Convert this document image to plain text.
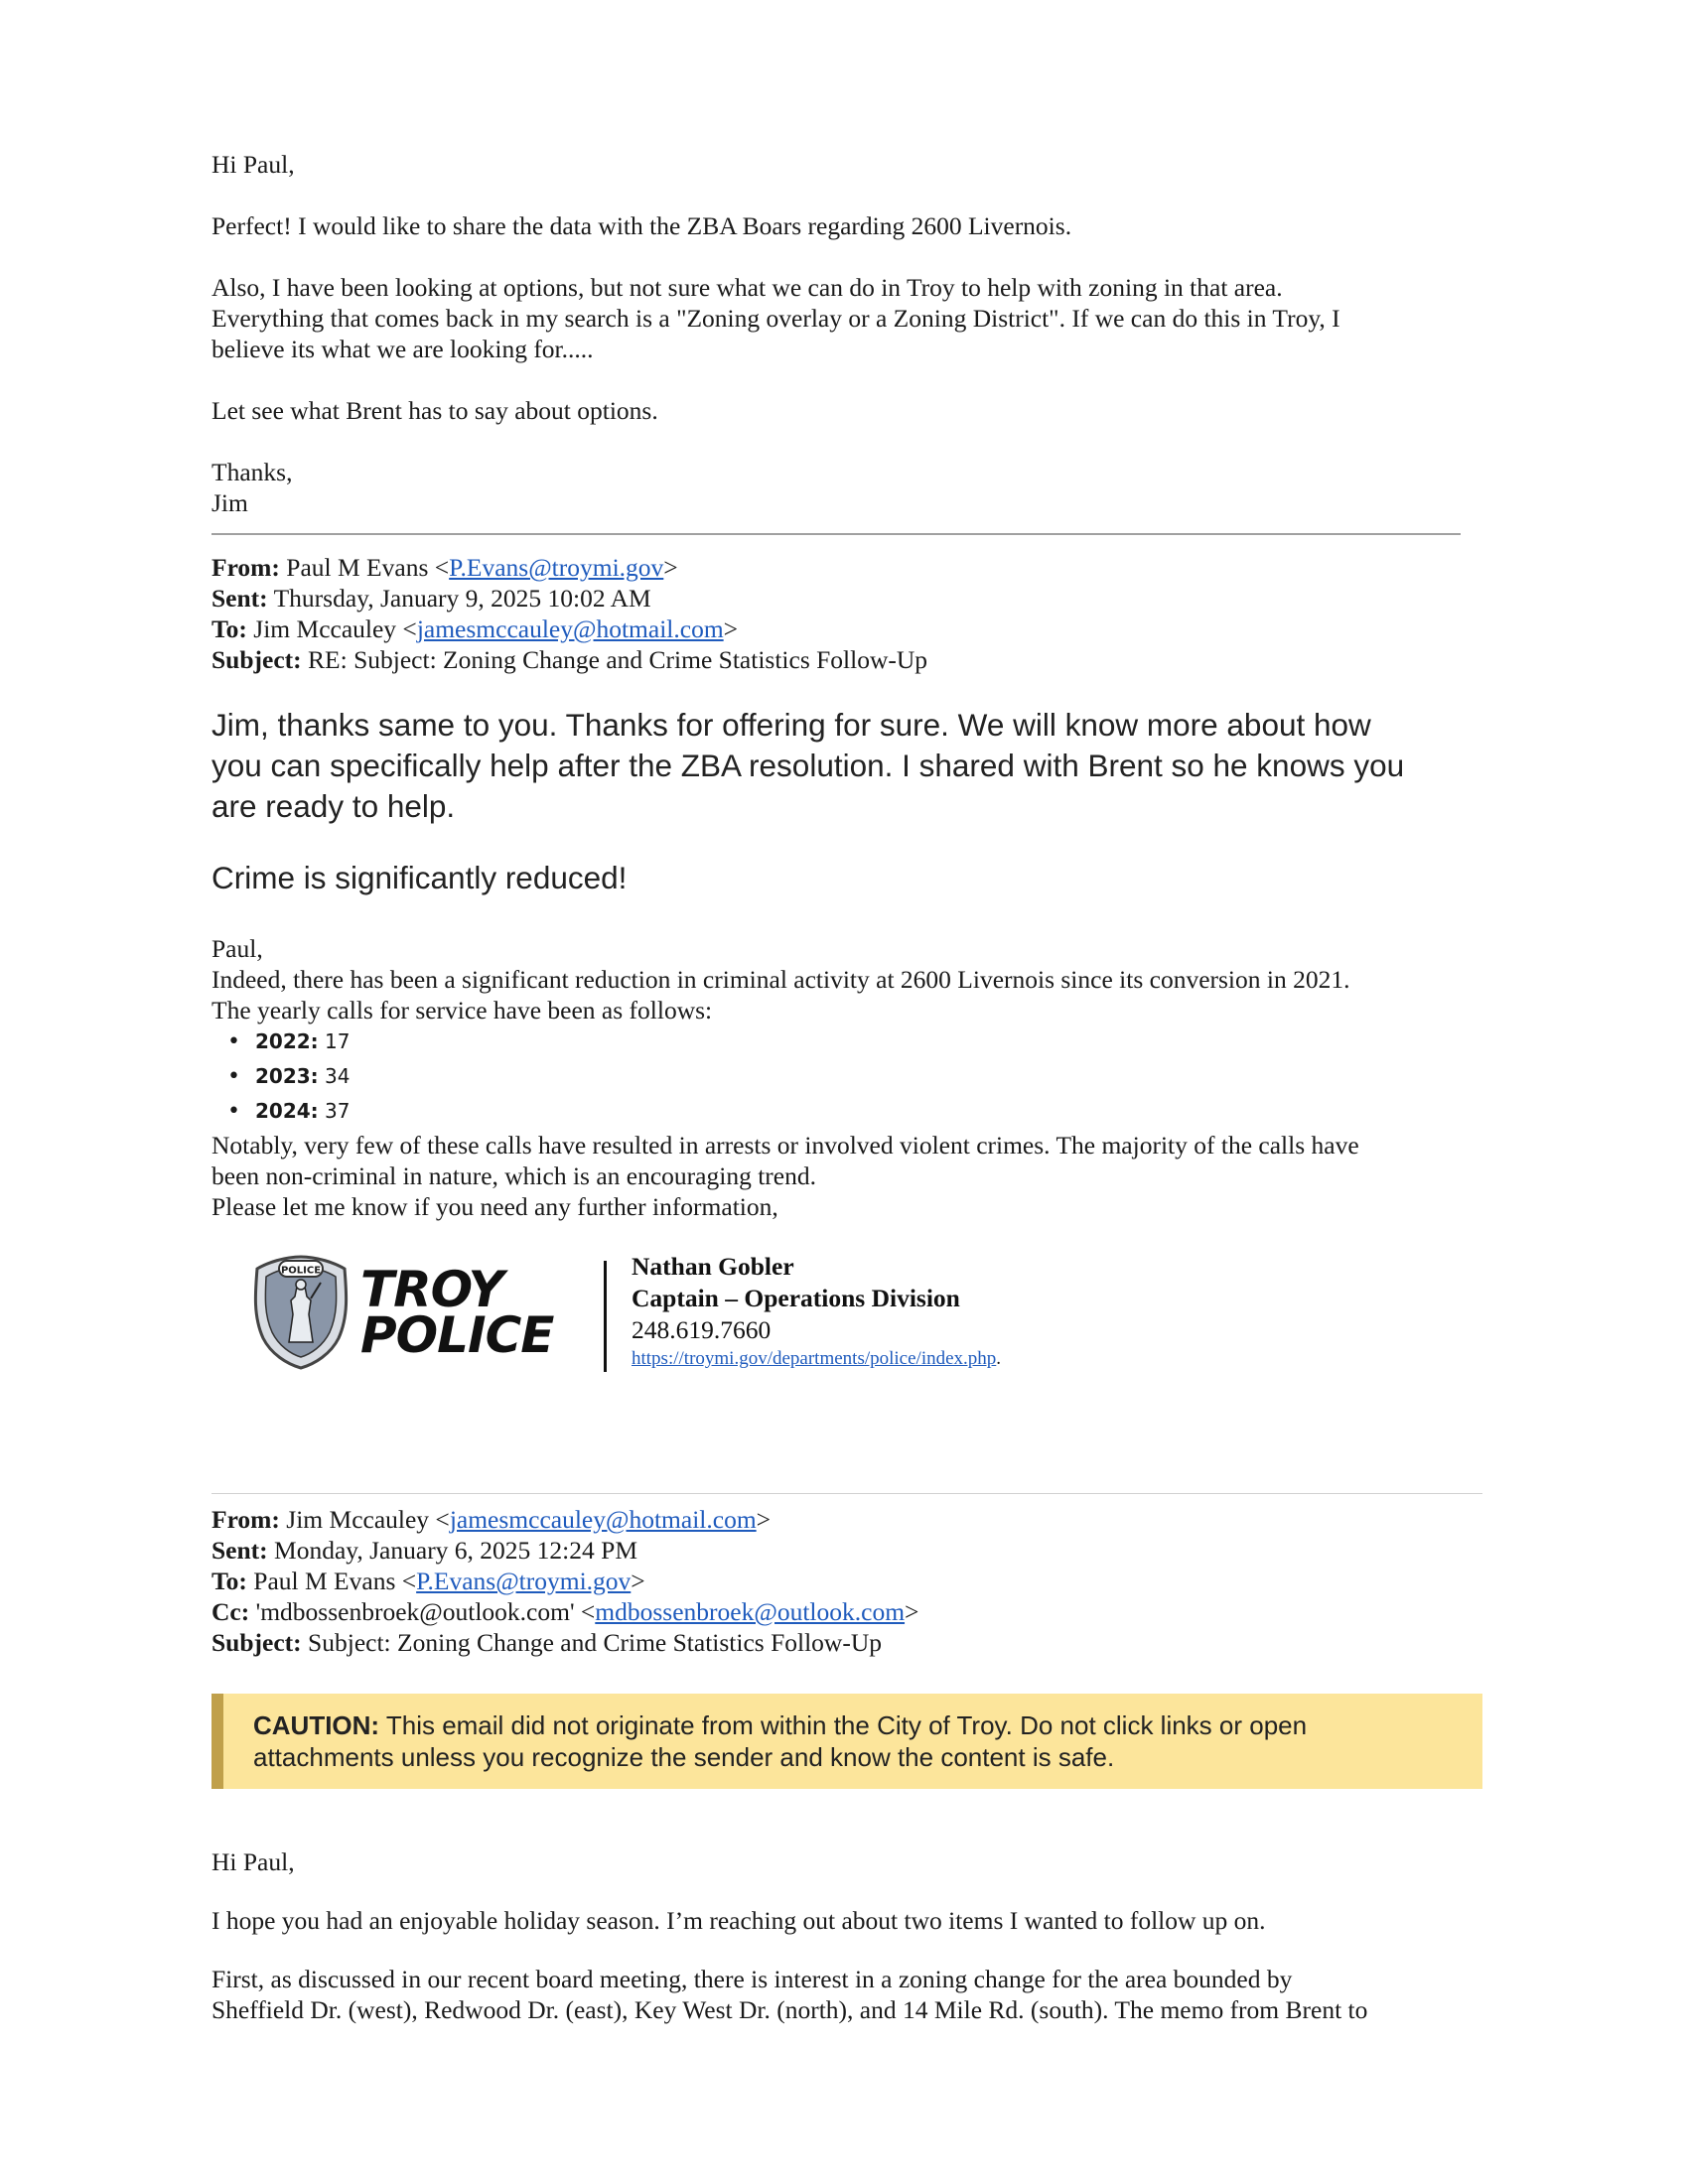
Hi Paul,

Perfect! I would like to share the data with the ZBA Boars regarding 2600 Livernois.

Also, I have been looking at options, but not sure what we can do in Troy to help with zoning in that area.

Everything that comes back in my search is a "Zoning overlay or a Zoning District". If we can do this in Troy, I

believe its what we are looking for.....

Let see what Brent has to say about options.

Thanks,

Jim

From: Paul M Evans <P.Evans@troymi.gov>

Sent: Thursday, January 9, 2025 10:02 AM

To: Jim Mccauley <jamesmccauley@hotmail.com>

Subject: RE: Subject: Zoning Change and Crime Statistics Follow-Up

Jim, thanks same to you. Thanks for offering for sure. We will know more about how

you can specifically help after the ZBA resolution. I shared with Brent so he knows you

are ready to help.

Crime is significantly reduced!

Paul,

Indeed, there has been a significant reduction in criminal activity at 2600 Livernois since its conversion in 2021.

The yearly calls for service have been as follows:

• 2022: 17
• 2023: 34
• 2024: 37

Notably, very few of these calls have resulted in arrests or involved violent crimes. The majority of the calls have

been non-criminal in nature, which is an encouraging trend.

Please let me know if you need any further information,

POLICE TROY
POLICE
Nathan Gobler
Captain – Operations Division
248.619.7660
https://troymi.gov/departments/police/index.php.

From: Jim Mccauley <jamesmccauley@hotmail.com>

Sent: Monday, January 6, 2025 12:24 PM

To: Paul M Evans <P.Evans@troymi.gov>

Cc: 'mdbossenbroek@outlook.com' <mdbossenbroek@outlook.com>

Subject: Subject: Zoning Change and Crime Statistics Follow-Up

CAUTION: This email did not originate from within the City of Troy. Do not click links or open
attachments unless you recognize the sender and know the content is safe.

Hi Paul,

I hope you had an enjoyable holiday season. I’m reaching out about two items I wanted to follow up on.

First, as discussed in our recent board meeting, there is interest in a zoning change for the area bounded by

Sheffield Dr. (west), Redwood Dr. (east), Key West Dr. (north), and 14 Mile Rd. (south). The memo from Brent to
